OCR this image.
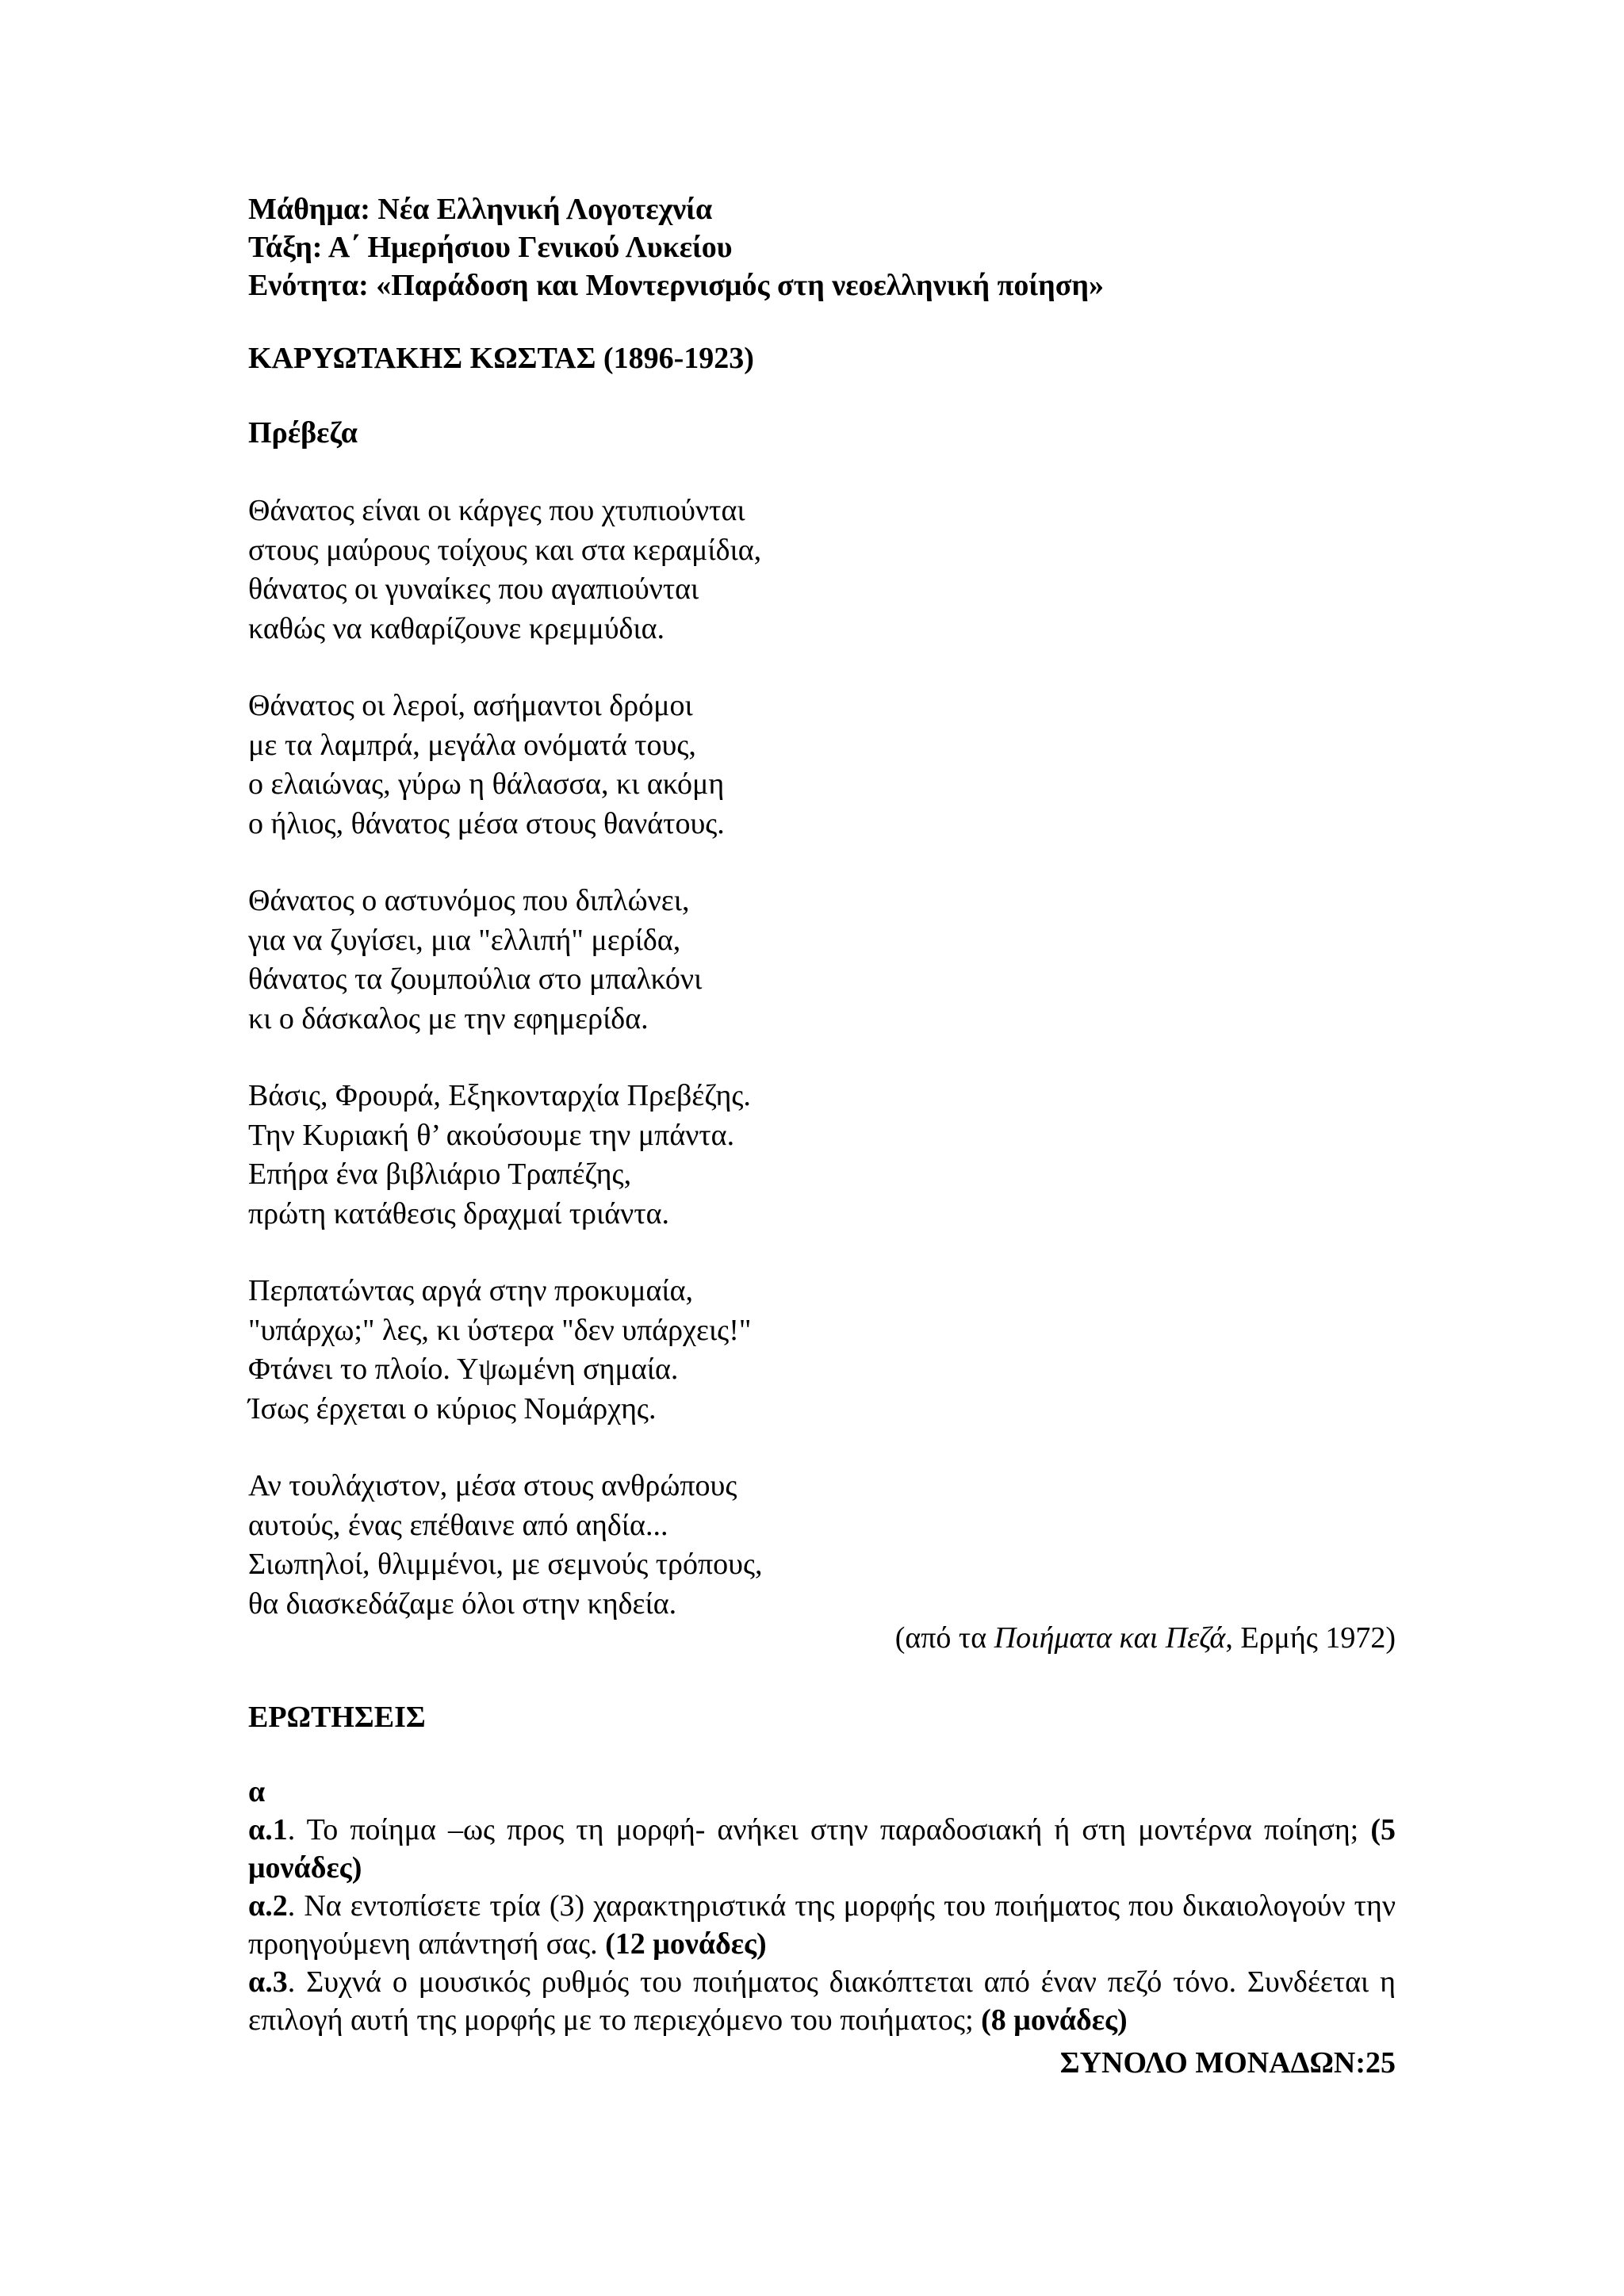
Μάθημα: Νέα Ελληνική Λογοτεχνία
Τάξη: Α΄ Ημερήσιου Γενικού Λυκείου
Ενότητα: «Παράδοση και Μοντερνισμός στη νεοελληνική ποίηση»
ΚΑΡΥΩΤΑΚΗΣ ΚΩΣΤΑΣ (1896-1923)
Πρέβεζα
Θάνατος είναι οι κάργες που χτυπιούνται
στους μαύρους τοίχους και στα κεραμίδια,
θάνατος οι γυναίκες που αγαπιούνται
καθώς να καθαρίζουνε κρεμμύδια.
Θάνατος οι λεροί, ασήμαντοι δρόμοι
με τα λαμπρά, μεγάλα ονόματά τους,
ο ελαιώνας, γύρω η θάλασσα, κι ακόμη
ο ήλιος, θάνατος μέσα στους θανάτους.
Θάνατος ο αστυνόμος που διπλώνει,
για να ζυγίσει, μια "ελλιπή" μερίδα,
θάνατος τα ζουμπούλια στο μπαλκόνι
κι ο δάσκαλος με την εφημερίδα.
Βάσις, Φρουρά, Εξηκονταρχία Πρεβέζης.
Την Κυριακή θ’ ακούσουμε την μπάντα.
Επήρα ένα βιβλιάριο Τραπέζης,
πρώτη κατάθεσις δραχμαί τριάντα.
Περπατώντας αργά στην προκυμαία,
"υπάρχω;" λες, κι ύστερα "δεν υπάρχεις!"
Φτάνει το πλοίο. Υψωμένη σημαία.
Ίσως έρχεται ο κύριος Νομάρχης.
Αν τουλάχιστον, μέσα στους ανθρώπους
αυτούς, ένας επέθαινε από αηδία...
Σιωπηλοί, θλιμμένοι, με σεμνούς τρόπους,
θα διασκεδάζαμε όλοι στην κηδεία.
(από τα Ποιήματα και Πεζά, Ερμής 1972)
ΕΡΩΤΗΣΕΙΣ
α
α.1. Το ποίημα –ως προς τη μορφή- ανήκει στην παραδοσιακή ή στη μοντέρνα ποίηση; (5 μονάδες)
α.2. Να εντοπίσετε τρία (3) χαρακτηριστικά της μορφής του ποιήματος που δικαιολογούν την προηγούμενη απάντησή σας. (12 μονάδες)
α.3. Συχνά ο μουσικός ρυθμός του ποιήματος διακόπτεται από έναν πεζό τόνο. Συνδέεται η επιλογή αυτή της μορφής με το περιεχόμενο του ποιήματος; (8 μονάδες)
ΣΥΝΟΛΟ ΜΟΝΑΔΩΝ:25
